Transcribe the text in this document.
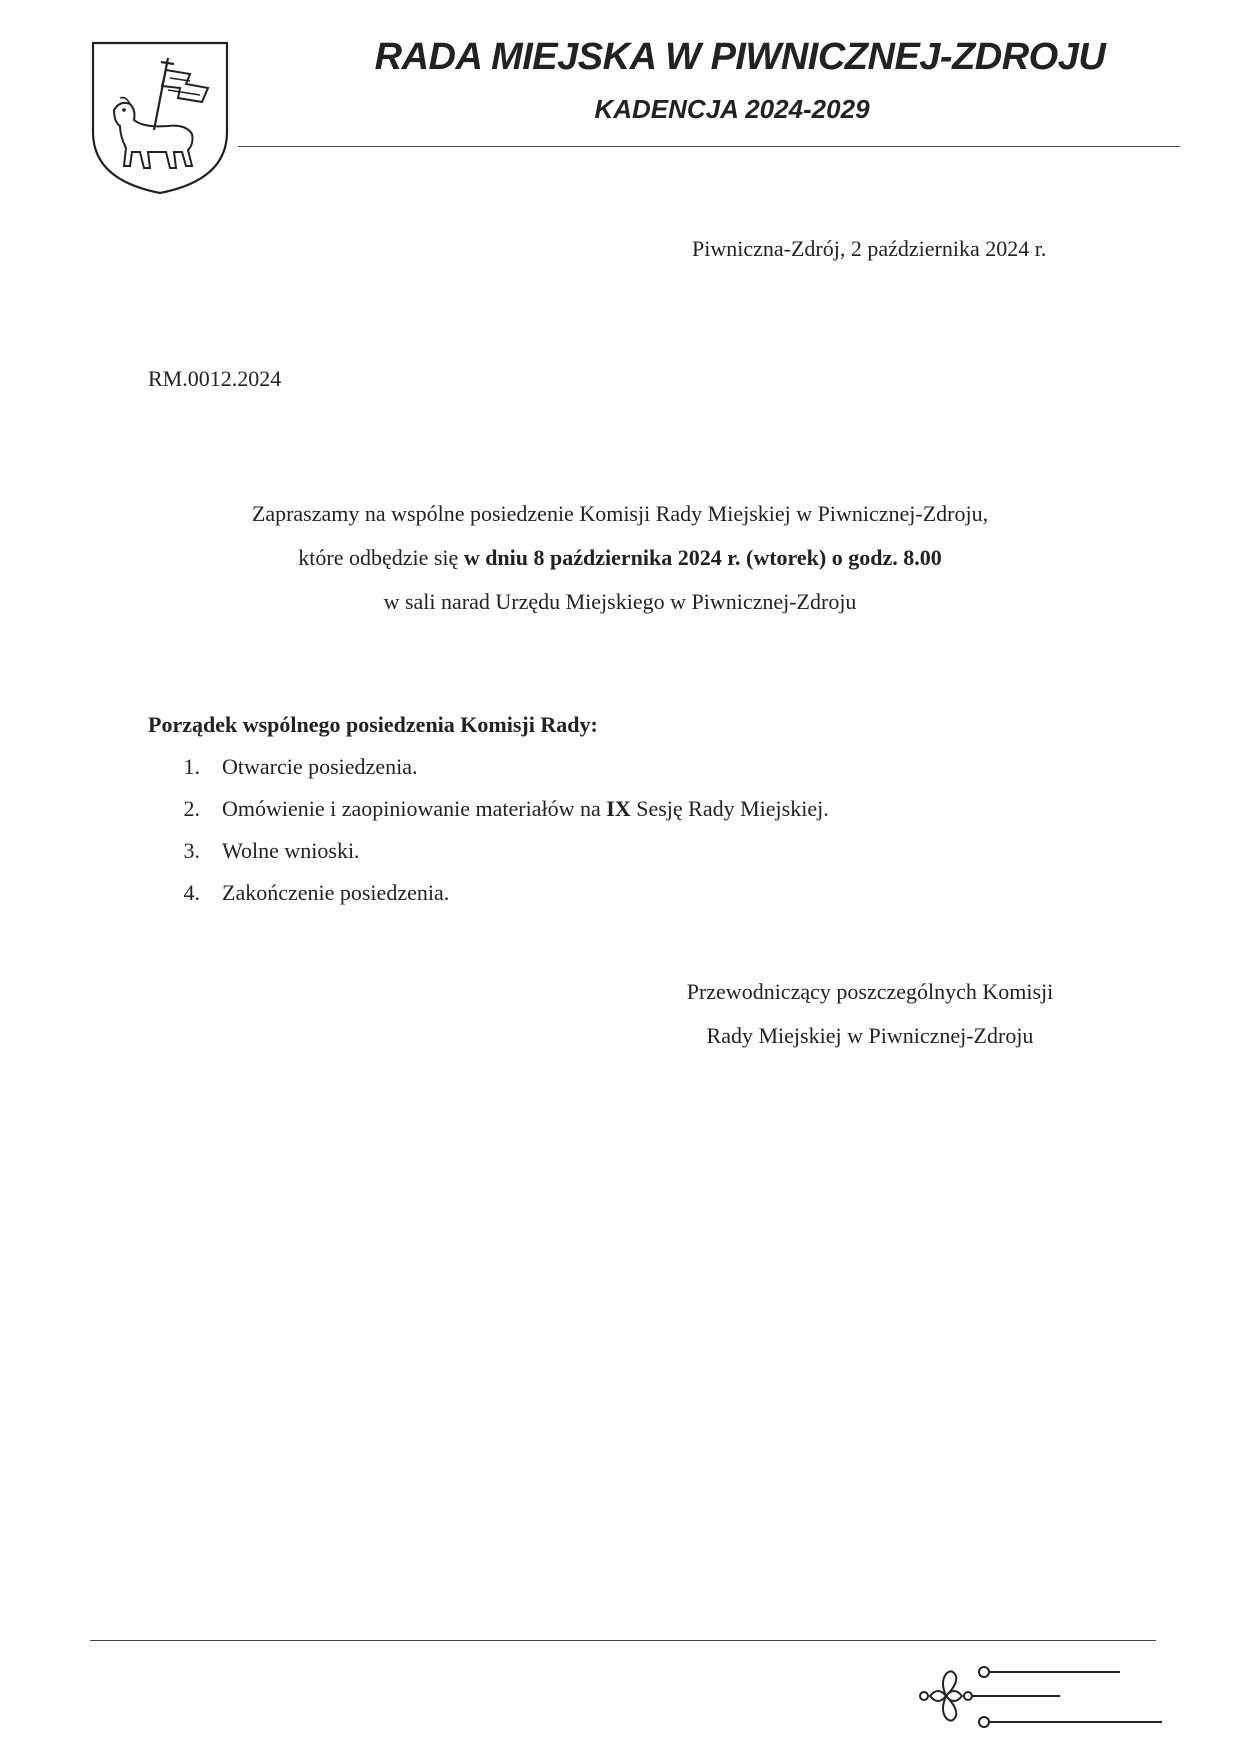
RADA MIEJSKA W PIWNICZNEJ-ZDROJU
KADENCJA 2024-2029
Piwniczna-Zdrój, 2 października 2024 r.
RM.0012.2024
Zapraszamy na wspólne posiedzenie Komisji Rady Miejskiej w Piwnicznej-Zdroju,
które odbędzie się w dniu 8 października 2024 r. (wtorek) o godz. 8.00
w sali narad Urzędu Miejskiego w Piwnicznej-Zdroju
Porządek wspólnego posiedzenia Komisji Rady:
1.	Otwarcie posiedzenia.
2.	Omówienie i zaopiniowanie materiałów na IX Sesję Rady Miejskiej.
3.	Wolne wnioski.
4.	Zakończenie posiedzenia.
Przewodniczący poszczególnych Komisji
Rady Miejskiej w Piwnicznej-Zdroju
